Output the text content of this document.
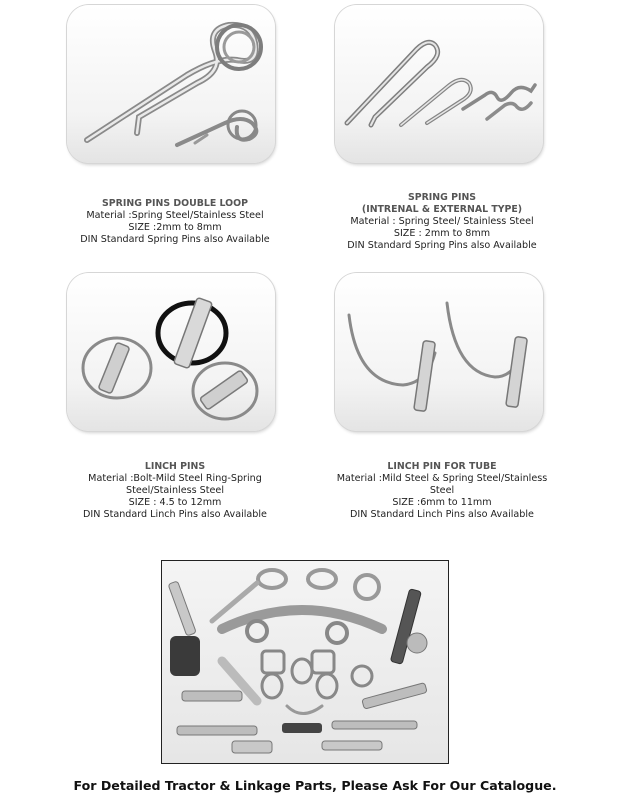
SPRING PINS DOUBLE LOOP
Material :Spring Steel/Stainless Steel
SIZE :2mm to 8mm
DIN Standard Spring Pins also Available
SPRING PINS
(INTRENAL & EXTERNAL TYPE)
Material : Spring Steel/ Stainless Steel
SIZE : 2mm to 8mm
DIN Standard Spring Pins also Available
LINCH PINS
Material :Bolt-Mild Steel Ring-Spring
Steel/Stainless Steel
SIZE : 4.5 to 12mm
DIN Standard Linch Pins also Available
LINCH PIN FOR TUBE
Material :Mild Steel & Spring Steel/Stainless
Steel
SIZE :6mm to 11mm
DIN Standard Linch Pins also Available
For Detailed Tractor & Linkage Parts, Please Ask For Our Catalogue.
